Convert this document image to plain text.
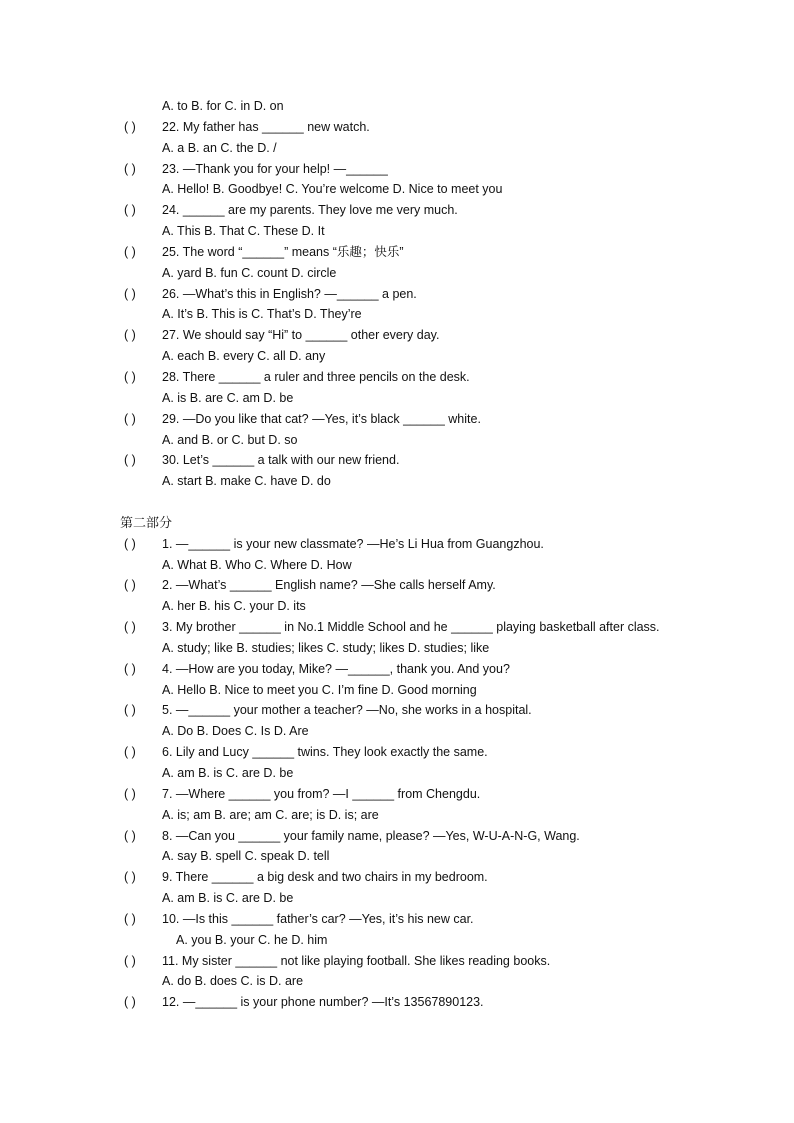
A. to B. for C. in D. on
( ) 22. My father has ______ new watch.
A. a B. an C. the D. /
( ) 23. —Thank you for your help! —______
A. Hello! B. Goodbye! C. You’re welcome D. Nice to meet you
( ) 24. ______ are my parents. They love me very much.
A. This B. That C. These D. It
( ) 25. The word “______” means “乐趣；快乐”
A. yard B. fun C. count D. circle
( ) 26. —What’s this in English? —______ a pen.
A. It’s B. This is C. That’s D. They’re
( ) 27. We should say “Hi” to ______ other every day.
A. each B. every C. all D. any
( ) 28. There ______ a ruler and three pencils on the desk.
A. is B. are C. am D. be
( ) 29. —Do you like that cat? —Yes, it’s black ______ white.
A. and B. or C. but D. so
( ) 30. Let’s ______ a talk with our new friend.
A. start B. make C. have D. do
第二部分
( ) 1. —______ is your new classmate? —He’s Li Hua from Guangzhou.
A. What B. Who C. Where D. How
( ) 2. —What’s ______ English name? —She calls herself Amy.
A. her B. his C. your D. its
( ) 3. My brother ______ in No.1 Middle School and he ______ playing basketball after class.
A. study; like B. studies; likes C. study; likes D. studies; like
( ) 4. —How are you today, Mike? —______, thank you. And you?
A. Hello B. Nice to meet you C. I’m fine D. Good morning
( ) 5. —______ your mother a teacher? —No, she works in a hospital.
A. Do B. Does C. Is D. Are
( ) 6. Lily and Lucy ______ twins. They look exactly the same.
A. am B. is C. are D. be
( ) 7. —Where ______ you from? —I ______ from Chengdu.
A. is; am B. are; am C. are; is D. is; are
( ) 8. —Can you ______ your family name, please? —Yes, W-U-A-N-G, Wang.
A. say B. spell C. speak D. tell
( ) 9. There ______ a big desk and two chairs in my bedroom.
A. am B. is C. are D. be
( ) 10. —Is this ______ father’s car? —Yes, it’s his new car.
A. you B. your C. he D. him
( ) 11. My sister ______ not like playing football. She likes reading books.
A. do B. does C. is D. are
( ) 12. —______ is your phone number? —It’s 13567890123.
